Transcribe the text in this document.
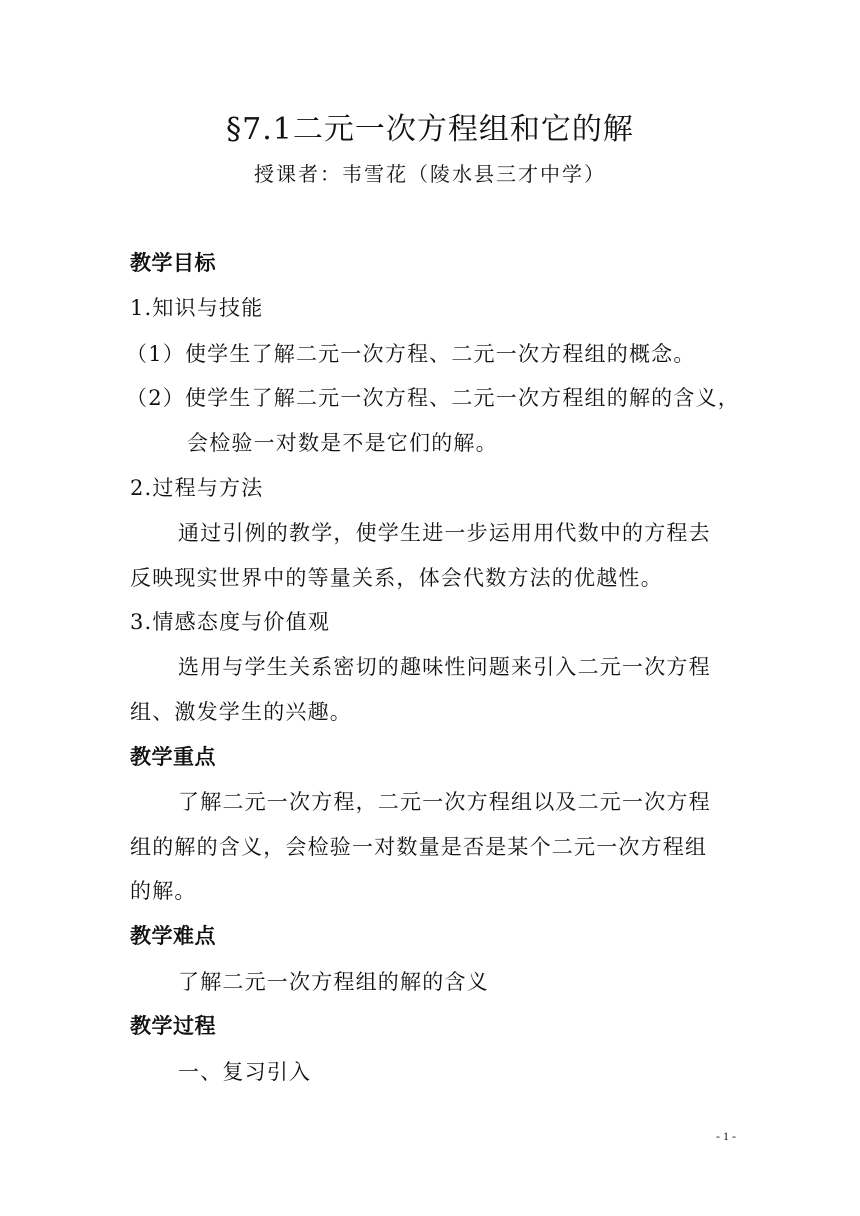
§7.1二元一次方程组和它的解
授课者：韦雪花（陵水县三才中学）
教学目标
1.知识与技能
（1）使学生了解二元一次方程、二元一次方程组的概念。
（2）使学生了解二元一次方程、二元一次方程组的解的含义，
会检验一对数是不是它们的解。
2.过程与方法
通过引例的教学，使学生进一步运用用代数中的方程去
反映现实世界中的等量关系，体会代数方法的优越性。
3.情感态度与价值观
选用与学生关系密切的趣味性问题来引入二元一次方程
组、激发学生的兴趣。
教学重点
了解二元一次方程，二元一次方程组以及二元一次方程
组的解的含义，会检验一对数量是否是某个二元一次方程组
的解。
教学难点
了解二元一次方程组的解的含义
教学过程
一、复习引入
- 1 -
